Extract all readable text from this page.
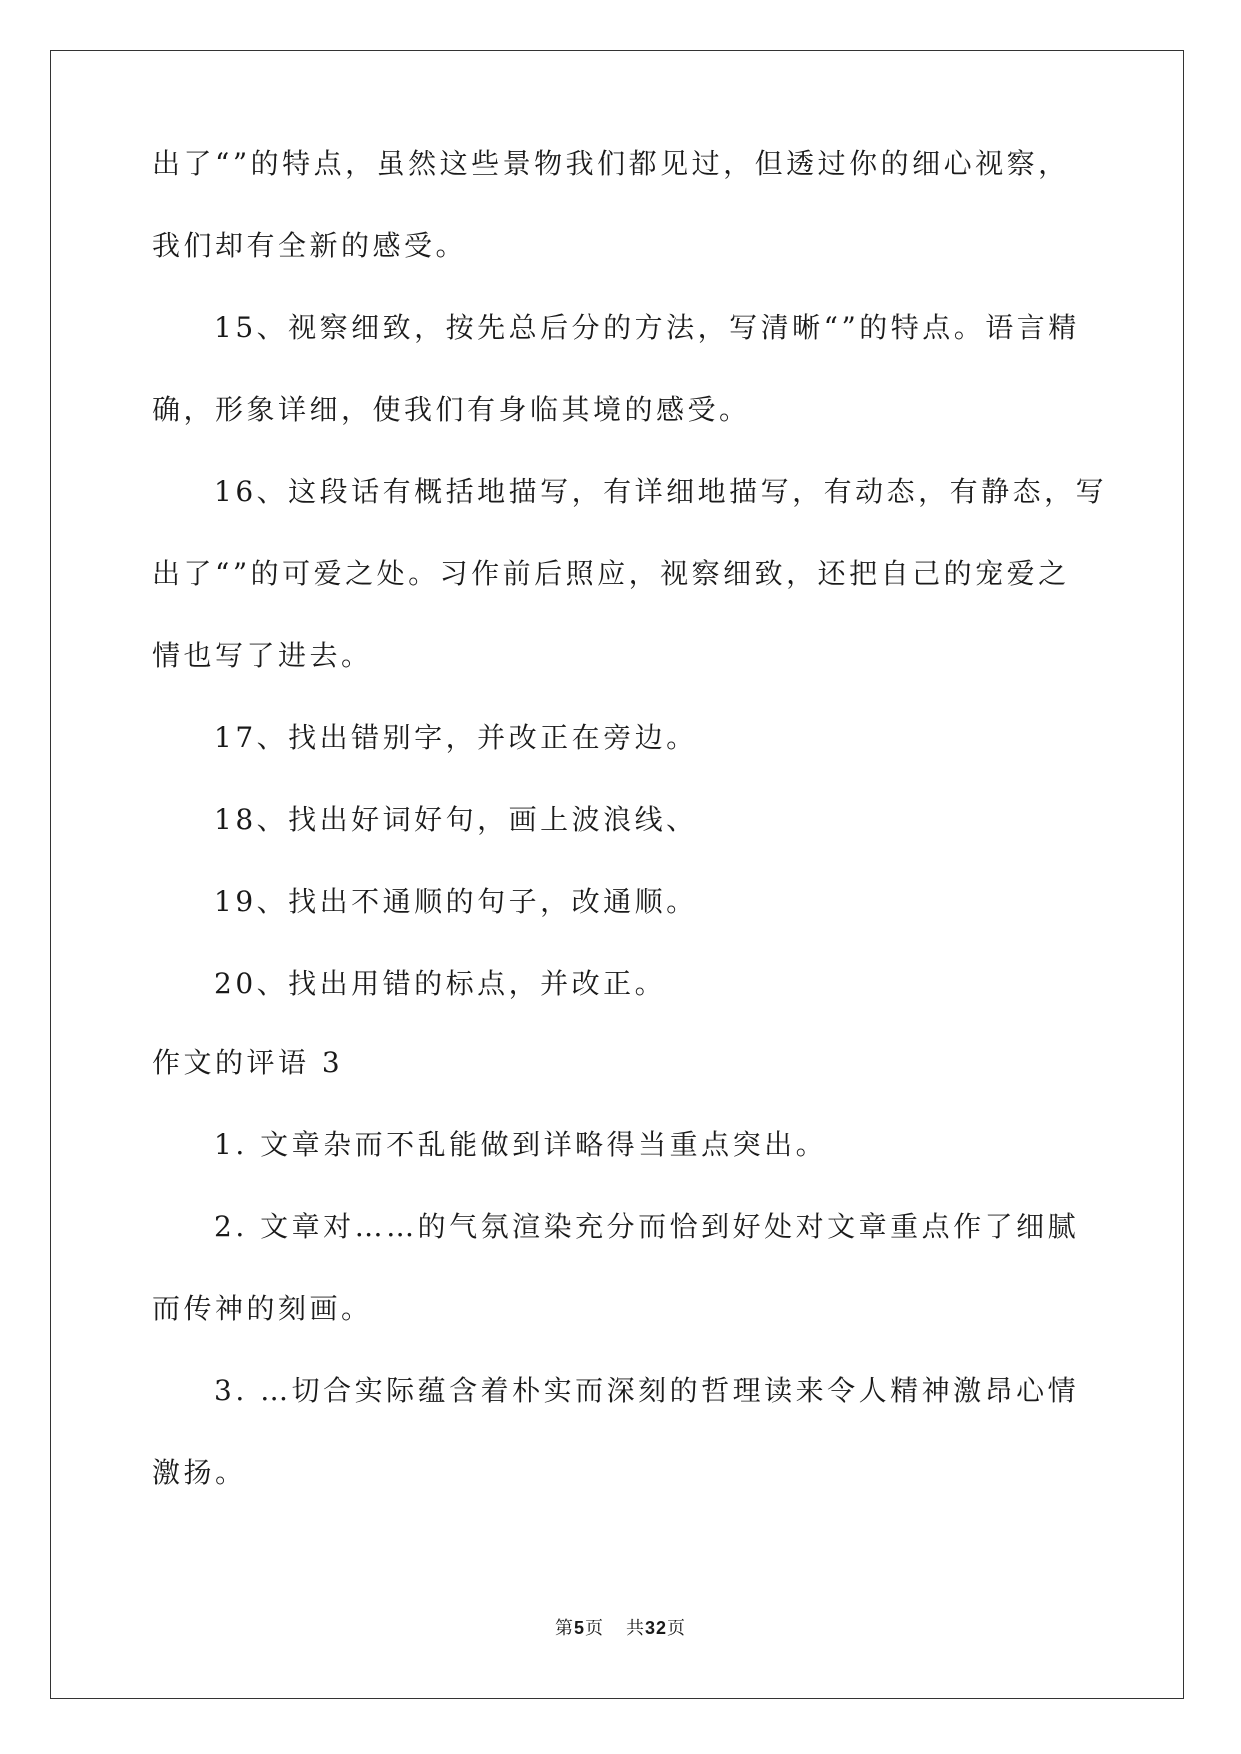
出了“”的特点，虽然这些景物我们都见过，但透过你的细心视察，
我们却有全新的感受。
15、视察细致，按先总后分的方法，写清晰“”的特点。语言精
确，形象详细，使我们有身临其境的感受。
16、这段话有概括地描写，有详细地描写，有动态，有静态，写
出了“”的可爱之处。习作前后照应，视察细致，还把自己的宠爱之
情也写了进去。
17、找出错别字，并改正在旁边。
18、找出好词好句，画上波浪线、
19、找出不通顺的句子，改通顺。
20、找出用错的标点，并改正。
作文的评语 3
1. 文章杂而不乱能做到详略得当重点突出。
2. 文章对……的气氛渲染充分而恰到好处对文章重点作了细腻
而传神的刻画。
3. …切合实际蕴含着朴实而深刻的哲理读来令人精神激昂心情
激扬。
第5页 共32页
